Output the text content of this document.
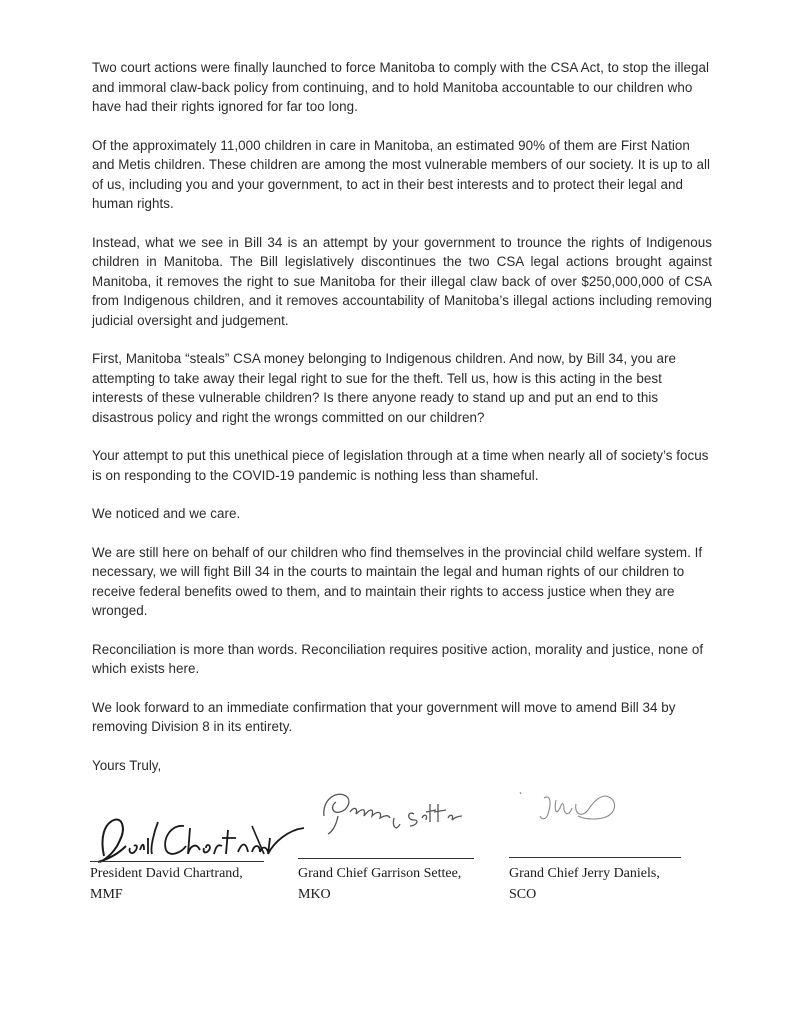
Two court actions were finally launched to force Manitoba to comply with the CSA Act, to stop the illegal and immoral claw-back policy from continuing, and to hold Manitoba accountable to our children who have had their rights ignored for far too long.

Of the approximately 11,000 children in care in Manitoba, an estimated 90% of them are First Nation and Metis children. These children are among the most vulnerable members of our society. It is up to all of us, including you and your government, to act in their best interests and to protect their legal and human rights.

Instead, what we see in Bill 34 is an attempt by your government to trounce the rights of Indigenous children in Manitoba. The Bill legislatively discontinues the two CSA legal actions brought against Manitoba, it removes the right to sue Manitoba for their illegal claw back of over $250,000,000 of CSA from Indigenous children, and it removes accountability of Manitoba’s illegal actions including removing judicial oversight and judgement.

First, Manitoba “steals” CSA money belonging to Indigenous children. And now, by Bill 34, you are attempting to take away their legal right to sue for the theft. Tell us, how is this acting in the best interests of these vulnerable children? Is there anyone ready to stand up and put an end to this disastrous policy and right the wrongs committed on our children?

Your attempt to put this unethical piece of legislation through at a time when nearly all of society’s focus is on responding to the COVID-19 pandemic is nothing less than shameful.

We noticed and we care.

We are still here on behalf of our children who find themselves in the provincial child welfare system. If necessary, we will fight Bill 34 in the courts to maintain the legal and human rights of our children to receive federal benefits owed to them, and to maintain their rights to access justice when they are wronged.

Reconciliation is more than words. Reconciliation requires positive action, morality and justice, none of which exists here.

We look forward to an immediate confirmation that your government will move to amend Bill 34 by removing Division 8 in its entirety.

Yours Truly,
President David Chartrand,
MMF
Grand Chief Garrison Settee,
MKO
Grand Chief Jerry Daniels,
SCO
